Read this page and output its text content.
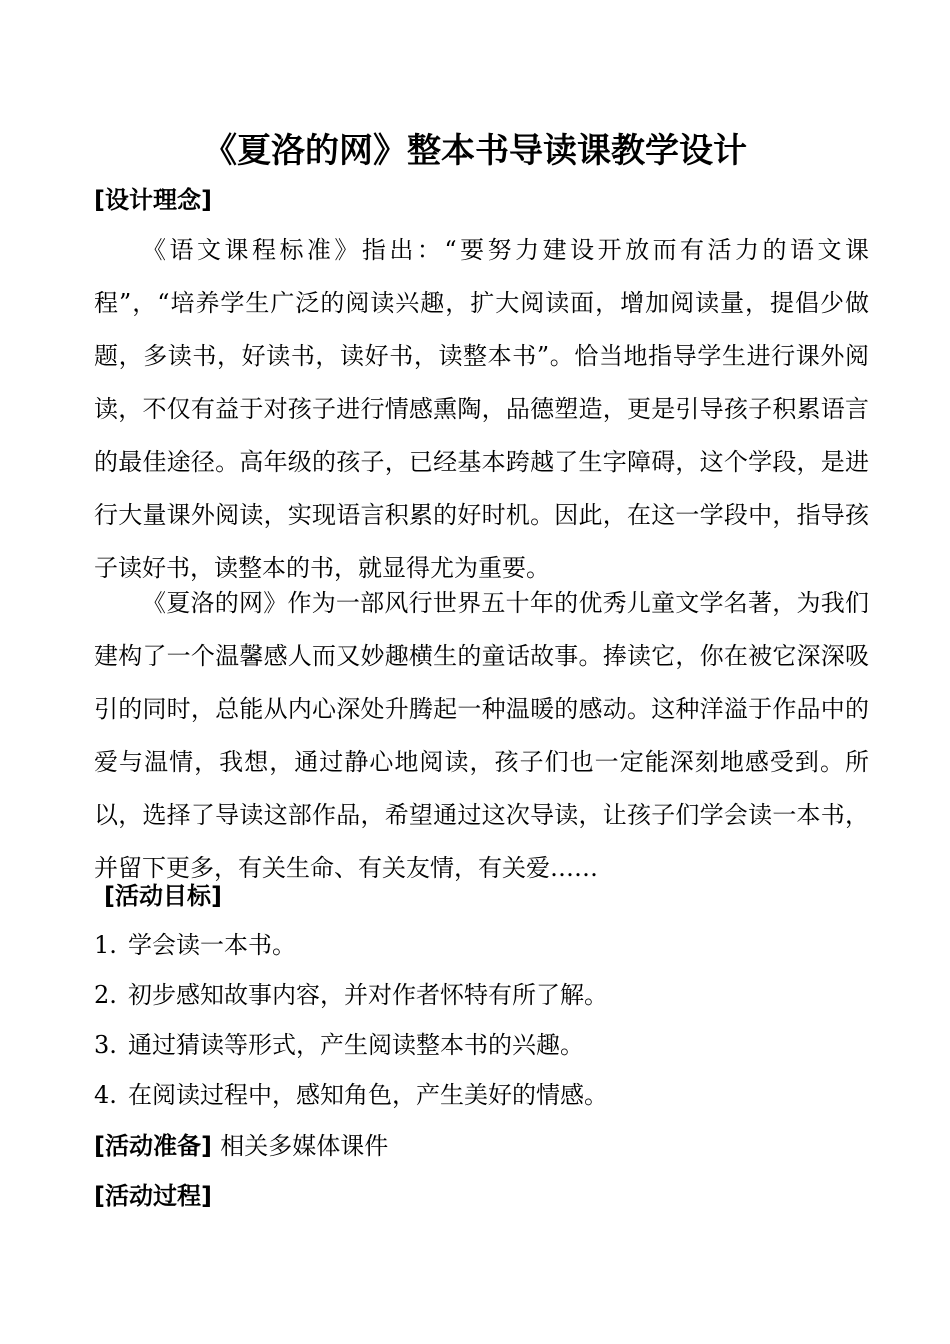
《夏洛的网》整本书导读课教学设计
[设计理念]

《语文课程标准》指出：“要努力建设开放而有活力的语文课程”，“培养学生广泛的阅读兴趣，扩大阅读面，增加阅读量，提倡少做题，多读书，好读书，读好书，读整本书”。恰当地指导学生进行课外阅读，不仅有益于对孩子进行情感熏陶，品德塑造，更是引导孩子积累语言的最佳途径。高年级的孩子，已经基本跨越了生字障碍，这个学段，是进行大量课外阅读，实现语言积累的好时机。因此，在这一学段中，指导孩子读好书，读整本的书，就显得尤为重要。

《夏洛的网》作为一部风行世界五十年的优秀儿童文学名著，为我们建构了一个温馨感人而又妙趣横生的童话故事。捧读它，你在被它深深吸引的同时，总能从内心深处升腾起一种温暖的感动。这种洋溢于作品中的爱与温情，我想，通过静心地阅读，孩子们也一定能深刻地感受到。所以，选择了导读这部作品，希望通过这次导读，让孩子们学会读一本书，并留下更多，有关生命、有关友情，有关爱……

[活动目标]
1. 学会读一本书。
2. 初步感知故事内容，并对作者怀特有所了解。
3. 通过猜读等形式，产生阅读整本书的兴趣。
4. 在阅读过程中，感知角色，产生美好的情感。
[活动准备] 相关多媒体课件
[活动过程]
